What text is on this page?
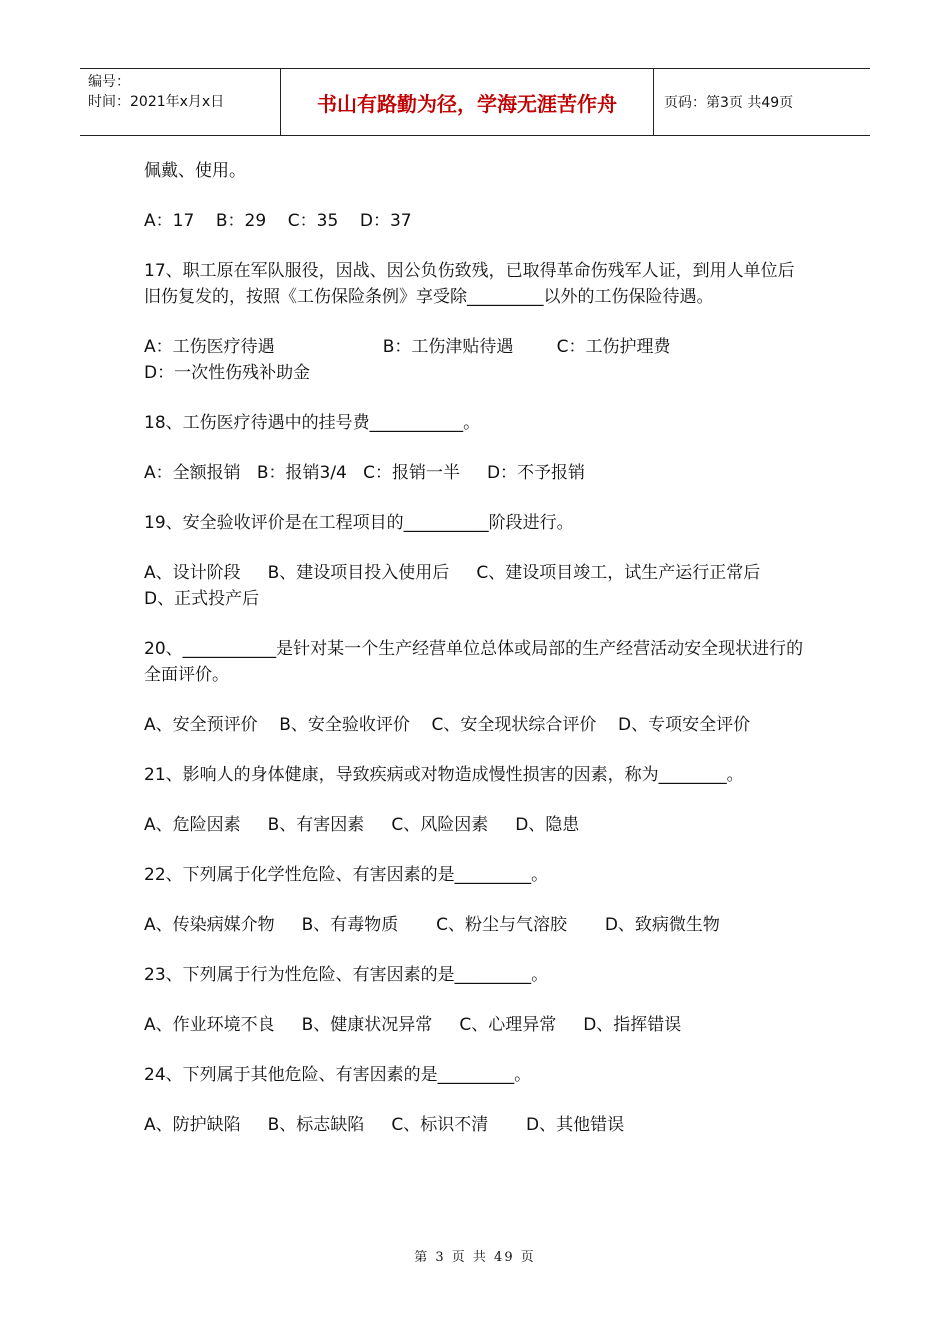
编号：
时间：2021年x月x日	书山有路勤为径，学海无涯苦作舟	页码：第3页 共49页
佩戴、使用。
A：17    B：29    C：35    D：37
17、职工原在军队服役，因战、因公负伤致残，已取得革命伤残军人证，到用人单位后旧伤复发的，按照《工伤保险条例》享受除_________以外的工伤保险待遇。
A：工伤医疗待遇                    B：工伤津贴待遇        C：工伤护理费
D：一次性伤残补助金
18、工伤医疗待遇中的挂号费___________。
A：全额报销   B：报销3/4   C：报销一半     D：不予报销
19、安全验收评价是在工程项目的__________阶段进行。
A、设计阶段     B、建设项目投入使用后     C、建设项目竣工，试生产运行正常后       D、正式投产后
20、___________是针对某一个生产经营单位总体或局部的生产经营活动安全现状进行的全面评价。
A、安全预评价    B、安全验收评价    C、安全现状综合评价    D、专项安全评价
21、影响人的身体健康，导致疾病或对物造成慢性损害的因素，称为________。
A、危险因素     B、有害因素     C、风险因素     D、隐患
22、下列属于化学性危险、有害因素的是_________。
A、传染病媒介物     B、有毒物质       C、粉尘与气溶胶       D、致病微生物
23、下列属于行为性危险、有害因素的是_________。
A、作业环境不良     B、健康状况异常     C、心理异常     D、指挥错误
24、下列属于其他危险、有害因素的是_________。
A、防护缺陷     B、标志缺陷     C、标识不清       D、其他错误
第 3 页 共 49 页
